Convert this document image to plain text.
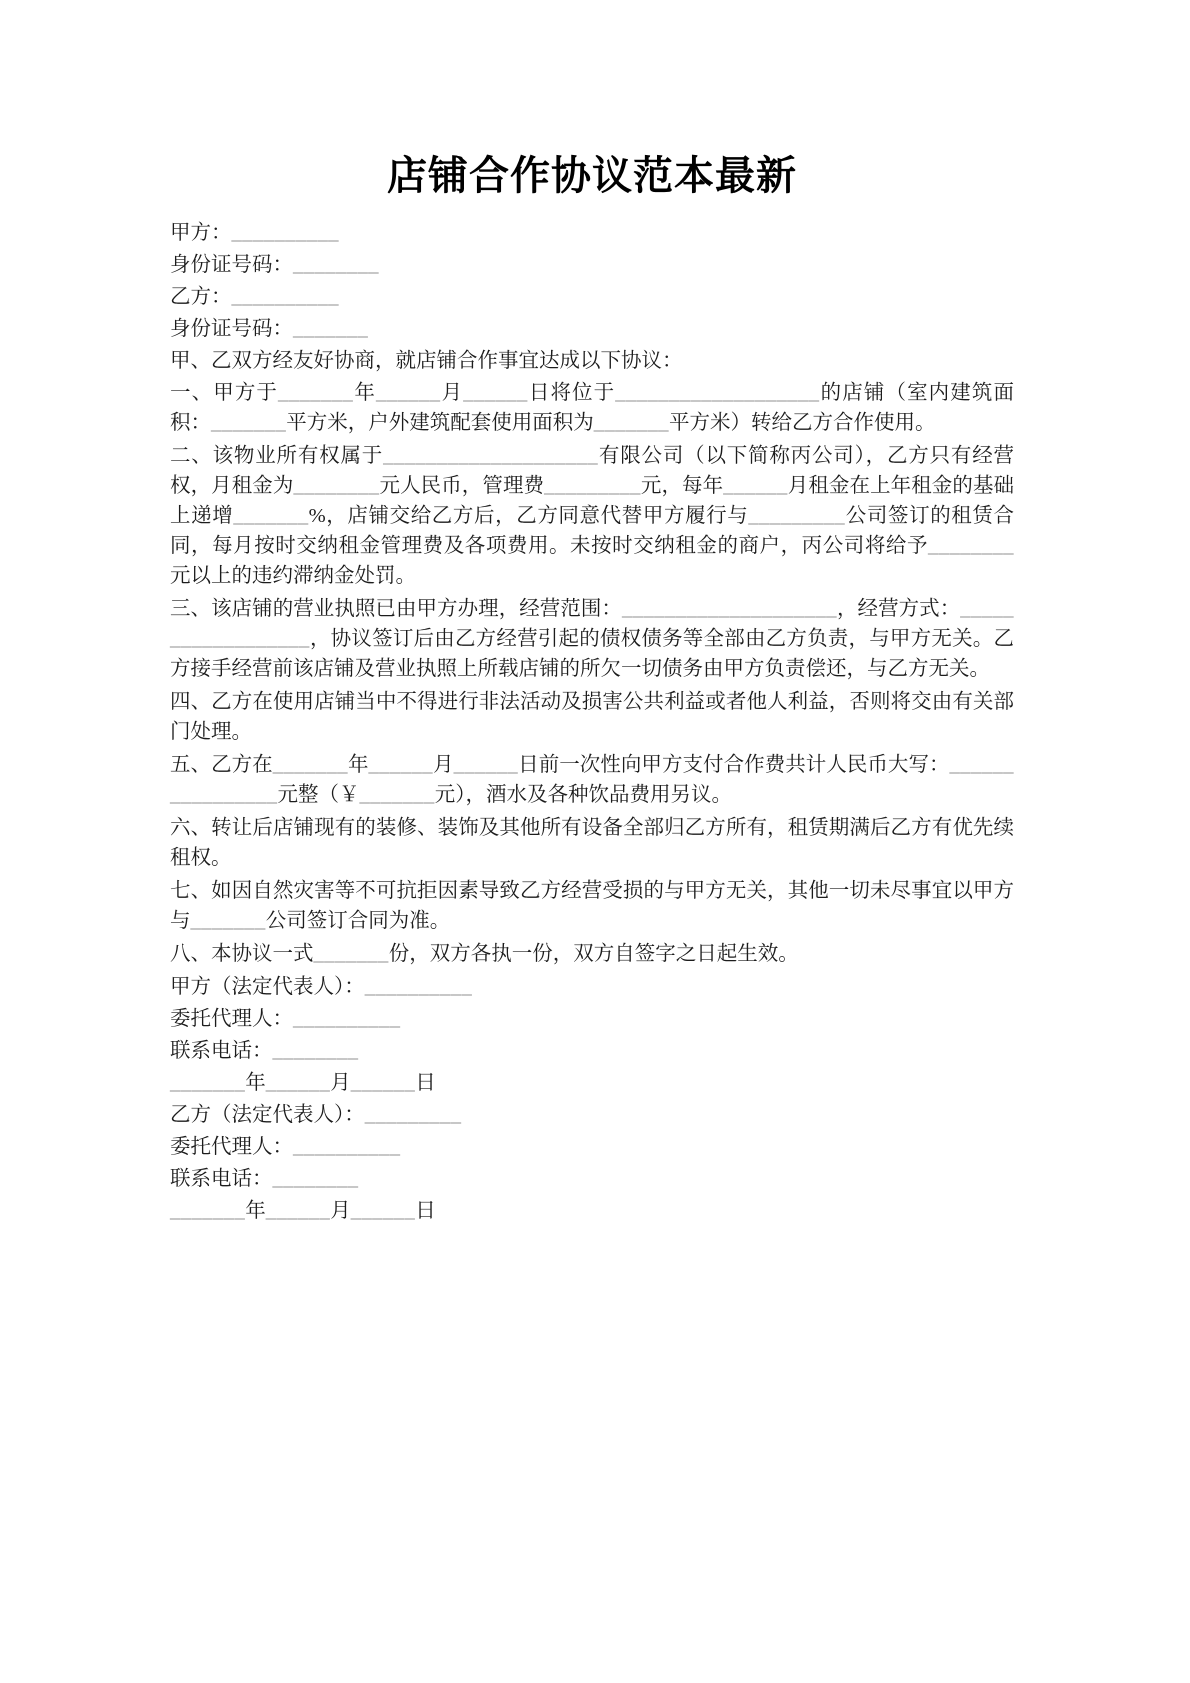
店铺合作协议范本最新

甲方：__________

身份证号码：________

乙方：__________

身份证号码：_______

甲、乙双方经友好协商，就店铺合作事宜达成以下协议：

一、甲方于_______年______月______日将位于___________________的店铺（室内建筑面积：_______平方米，户外建筑配套使用面积为_______平方米）转给乙方合作使用。

二、该物业所有权属于____________________有限公司（以下简称丙公司），乙方只有经营权，月租金为________元人民币，管理费_________元，每年______月租金在上年租金的基础上递增_______%，店铺交给乙方后，乙方同意代替甲方履行与_________公司签订的租赁合同，每月按时交纳租金管理费及各项费用。未按时交纳租金的商户，丙公司将给予________元以上的违约滞纳金处罚。

三、该店铺的营业执照已由甲方办理，经营范围：____________________，经营方式：__________________，协议签订后由乙方经营引起的债权债务等全部由乙方负责，与甲方无关。乙方接手经营前该店铺及营业执照上所载店铺的所欠一切债务由甲方负责偿还，与乙方无关。

四、乙方在使用店铺当中不得进行非法活动及损害公共利益或者他人利益，否则将交由有关部门处理。

五、乙方在_______年______月______日前一次性向甲方支付合作费共计人民币大写：________________元整（￥_______元），酒水及各种饮品费用另议。

六、转让后店铺现有的装修、装饰及其他所有设备全部归乙方所有，租赁期满后乙方有优先续租权。

七、如因自然灾害等不可抗拒因素导致乙方经营受损的与甲方无关，其他一切未尽事宜以甲方与_______公司签订合同为准。

八、本协议一式_______份，双方各执一份，双方自签字之日起生效。

甲方（法定代表人）：__________

委托代理人：__________

联系电话：________

_______年______月______日

乙方（法定代表人）：_________

委托代理人：__________

联系电话：________

_______年______月______日
